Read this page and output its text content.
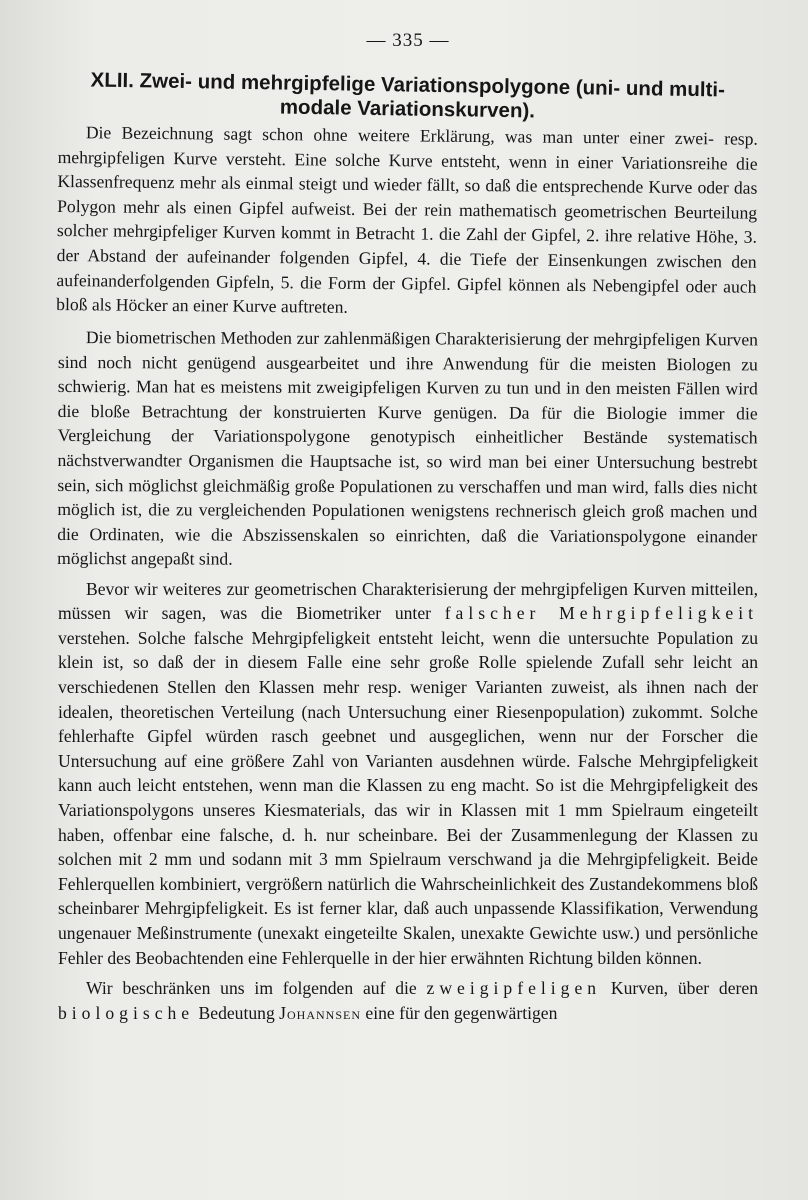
— 335 —
XLII. Zwei- und mehrgipfelige Variationspolygone (uni- und multi-
modale Variationskurven).

Die Bezeichnung sagt schon ohne weitere Erklärung, was man unter einer zwei- resp. mehrgipfeligen Kurve versteht. Eine solche Kurve entsteht, wenn in einer Variationsreihe die Klassenfrequenz mehr als einmal steigt und wieder fällt, so daß die entsprechende Kurve oder das Polygon mehr als einen Gipfel aufweist. Bei der rein mathematisch geometrischen Beurteilung solcher mehrgipfeliger Kurven kommt in Betracht 1. die Zahl der Gipfel, 2. ihre relative Höhe, 3. der Abstand der aufeinander folgenden Gipfel, 4. die Tiefe der Einsenkungen zwischen den aufeinanderfolgenden Gipfeln, 5. die Form der Gipfel. Gipfel können als Nebengipfel oder auch bloß als Höcker an einer Kurve auftreten.

Die biometrischen Methoden zur zahlenmäßigen Charakterisierung der mehrgipfeligen Kurven sind noch nicht genügend ausgearbeitet und ihre Anwendung für die meisten Biologen zu schwierig. Man hat es meistens mit zweigipfeligen Kurven zu tun und in den meisten Fällen wird die bloße Betrachtung der konstruierten Kurve genügen. Da für die Biologie immer die Vergleichung der Variationspolygone genotypisch einheitlicher Bestände systematisch nächstverwandter Organismen die Hauptsache ist, so wird man bei einer Untersuchung bestrebt sein, sich möglichst gleichmäßig große Populationen zu verschaffen und man wird, falls dies nicht möglich ist, die zu vergleichenden Populationen wenigstens rechnerisch gleich groß machen und die Ordinaten, wie die Abszissenskalen so einrichten, daß die Variationspolygone einander möglichst angepaßt sind.

Bevor wir weiteres zur geometrischen Charakterisierung der mehrgipfeligen Kurven mitteilen, müssen wir sagen, was die Biometriker unter falscher Mehrgipfeligkeit verstehen. Solche falsche Mehrgipfeligkeit entsteht leicht, wenn die untersuchte Population zu klein ist, so daß der in diesem Falle eine sehr große Rolle spielende Zufall sehr leicht an verschiedenen Stellen den Klassen mehr resp. weniger Varianten zuweist, als ihnen nach der idealen, theoretischen Verteilung (nach Untersuchung einer Riesenpopulation) zukommt. Solche fehlerhafte Gipfel würden rasch geebnet und ausgeglichen, wenn nur der Forscher die Untersuchung auf eine größere Zahl von Varianten ausdehnen würde. Falsche Mehrgipfeligkeit kann auch leicht entstehen, wenn man die Klassen zu eng macht. So ist die Mehrgipfeligkeit des Variationspolygons unseres Kiesmaterials, das wir in Klassen mit 1 mm Spielraum eingeteilt haben, offenbar eine falsche, d. h. nur scheinbare. Bei der Zusammenlegung der Klassen zu solchen mit 2 mm und sodann mit 3 mm Spielraum verschwand ja die Mehrgipfeligkeit. Beide Fehlerquellen kombiniert, vergrößern natürlich die Wahrscheinlichkeit des Zustandekommens bloß scheinbarer Mehrgipfeligkeit. Es ist ferner klar, daß auch unpassende Klassifikation, Verwendung ungenauer Meßinstrumente (unexakt eingeteilte Skalen, unexakte Gewichte usw.) und persönliche Fehler des Beobachtenden eine Fehlerquelle in der hier erwähnten Richtung bilden können.

Wir beschränken uns im folgenden auf die zweigipfeligen Kurven, über deren biologische Bedeutung Johannsen eine für den gegenwärtigen
